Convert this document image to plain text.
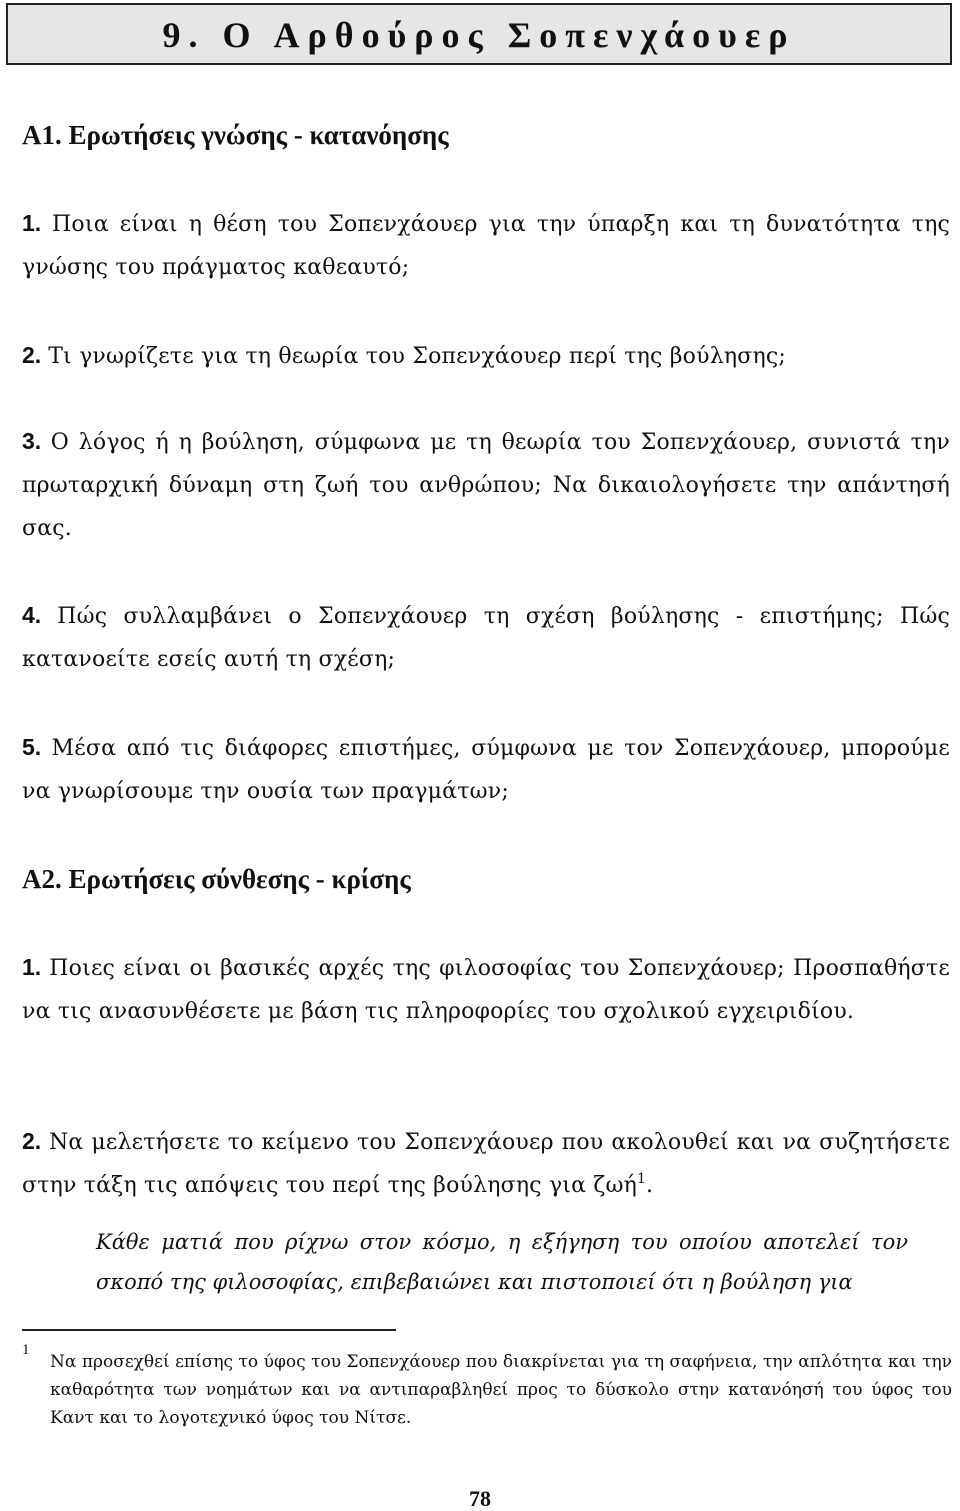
9. Ο Αρθούρος Σοπενχάουερ
Α1. Ερωτήσεις γνώσης - κατανόησης
1. Ποια είναι η θέση του Σοπενχάουερ για την ύπαρξη και τη δυνατότητα της γνώσης του πράγματος καθεαυτό;
2. Τι γνωρίζετε για τη θεωρία του Σοπενχάουερ περί της βούλησης;
3. Ο λόγος ή η βούληση, σύμφωνα με τη θεωρία του Σοπενχάουερ, συνιστά την πρωταρχική δύναμη στη ζωή του ανθρώπου; Να δικαιολογήσετε την απάντησή σας.
4. Πώς συλλαμβάνει ο Σοπενχάουερ τη σχέση βούλησης - επιστήμης; Πώς κατανοείτε εσείς αυτή τη σχέση;
5. Μέσα από τις διάφορες επιστήμες, σύμφωνα με τον Σοπενχάουερ, μπορούμε να γνωρίσουμε την ουσία των πραγμάτων;
Α2. Ερωτήσεις σύνθεσης - κρίσης
1. Ποιες είναι οι βασικές αρχές της φιλοσοφίας του Σοπενχάουερ; Προσπαθήστε να τις ανασυνθέσετε με βάση τις πληροφορίες του σχολικού εγχειριδίου.
2. Να μελετήσετε το κείμενο του Σοπενχάουερ που ακολουθεί και να συζητήσετε στην τάξη τις απόψεις του περί της βούλησης για ζωή$^1$.
Κάθε ματιά που ρίχνω στον κόσμο, η εξήγηση του οποίου αποτελεί τον σκοπό της φιλοσοφίας, επιβεβαιώνει και πιστοποιεί ότι η βούληση για
1
Να προσεχθεί επίσης το ύφος του Σοπενχάουερ που διακρίνεται για τη σαφήνεια, την απλότητα και την καθαρότητα των νοημάτων και να αντιπαραβληθεί προς το δύσκολο στην κατανόησή του ύφος του Καντ και το λογοτεχνικό ύφος του Νίτσε.
78
